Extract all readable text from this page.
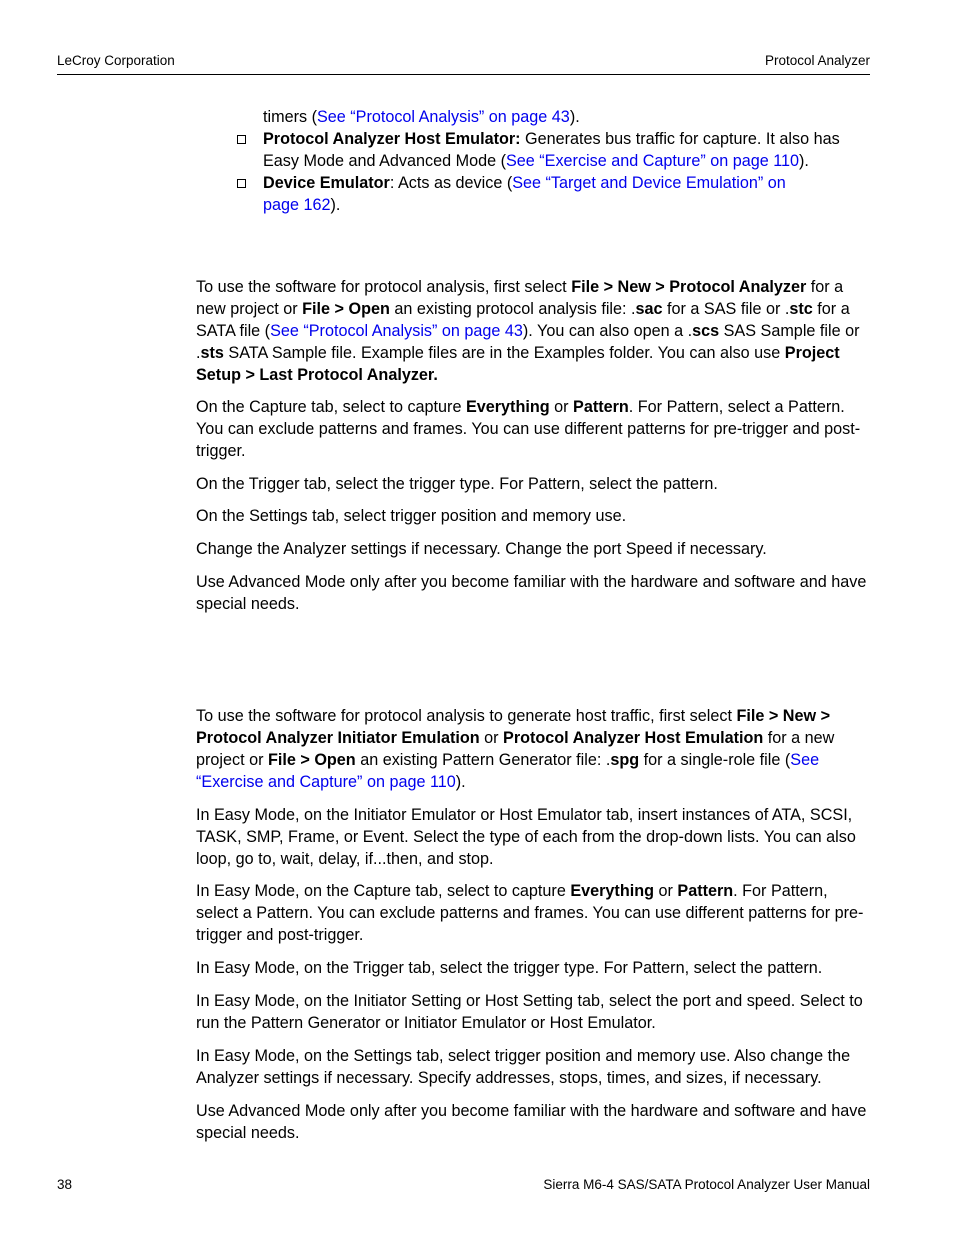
LeCroy Corporation	Protocol Analyzer
timers (See “Protocol Analysis” on page 43).
Protocol Analyzer Host Emulator: Generates bus traffic for capture. It also has Easy Mode and Advanced Mode (See “Exercise and Capture” on page 110).
Device Emulator: Acts as device (See “Target and Device Emulation” on page 162).

To use the software for protocol analysis, first select File > New > Protocol Analyzer for a new project or File > Open an existing protocol analysis file: .sac for a SAS file or .stc for a SATA file (See “Protocol Analysis” on page 43). You can also open a .scs SAS Sample file or .sts SATA Sample file. Example files are in the Examples folder. You can also use Project Setup > Last Protocol Analyzer.

On the Capture tab, select to capture Everything or Pattern. For Pattern, select a Pattern. You can exclude patterns and frames. You can use different patterns for pre-trigger and post-trigger.

On the Trigger tab, select the trigger type. For Pattern, select the pattern.

On the Settings tab, select trigger position and memory use.

Change the Analyzer settings if necessary. Change the port Speed if necessary.

Use Advanced Mode only after you become familiar with the hardware and software and have special needs.

To use the software for protocol analysis to generate host traffic, first select File > New > Protocol Analyzer Initiator Emulation or Protocol Analyzer Host Emulation for a new project or File > Open an existing Pattern Generator file: .spg for a single-role file (See “Exercise and Capture” on page 110).

In Easy Mode, on the Initiator Emulator or Host Emulator tab, insert instances of ATA, SCSI, TASK, SMP, Frame, or Event. Select the type of each from the drop-down lists. You can also loop, go to, wait, delay, if...then, and stop.

In Easy Mode, on the Capture tab, select to capture Everything or Pattern. For Pattern, select a Pattern. You can exclude patterns and frames. You can use different patterns for pre-trigger and post-trigger.

In Easy Mode, on the Trigger tab, select the trigger type. For Pattern, select the pattern.

In Easy Mode, on the Initiator Setting or Host Setting tab, select the port and speed. Select to run the Pattern Generator or Initiator Emulator or Host Emulator.

In Easy Mode, on the Settings tab, select trigger position and memory use. Also change the Analyzer settings if necessary. Specify addresses, stops, times, and sizes, if necessary.

Use Advanced Mode only after you become familiar with the hardware and software and have special needs.

38	Sierra M6-4 SAS/SATA Protocol Analyzer User Manual
